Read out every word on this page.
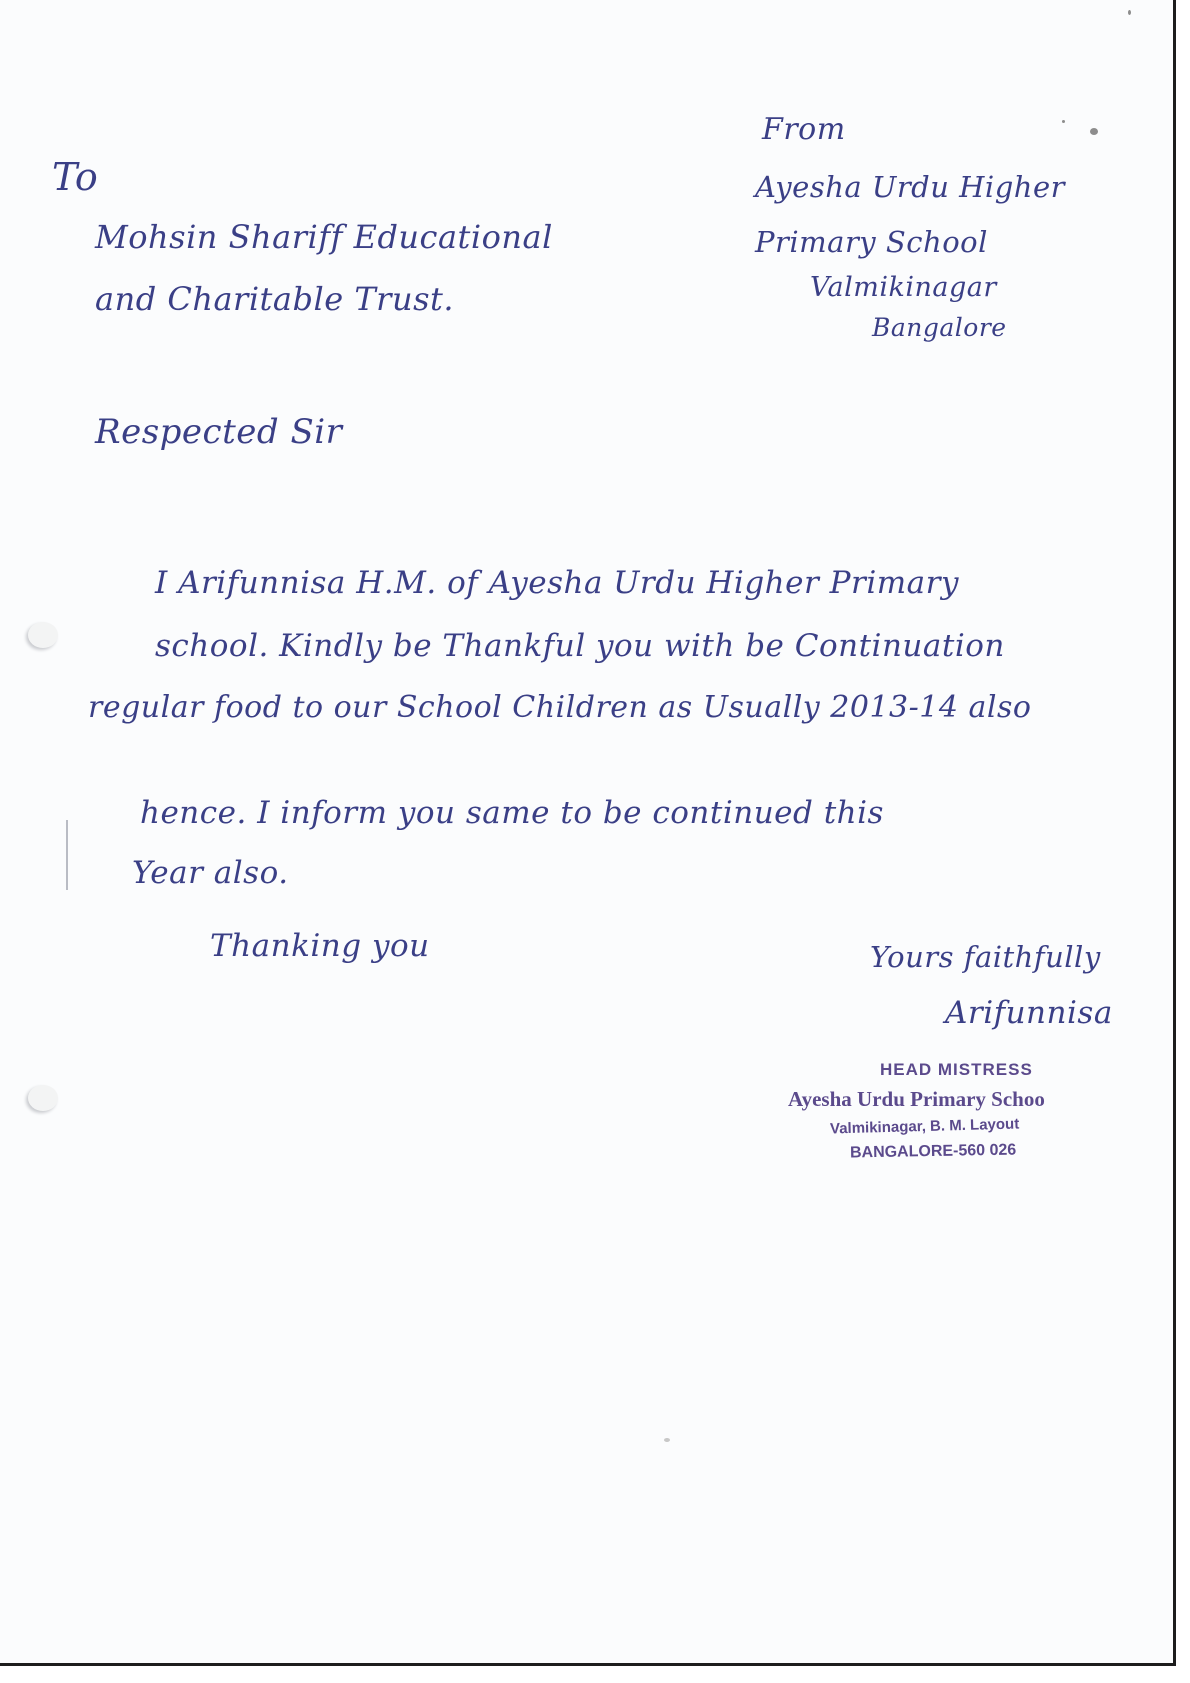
To
Mohsin Shariff Educational
and Charitable Trust.
From
Ayesha Urdu Higher
Primary School
Valmikinagar
Bangalore
Respected Sir
I Arifunnisa H.M. of Ayesha Urdu Higher Primary
school. Kindly be Thankful you with be Continuation
regular food to our School Children as Usually 2013-14 also
hence. I inform you same to be continued this
Year also.
Thanking you	Yours faithfully
Arifunnisa
HEAD MISTRESS
Ayesha Urdu Primary Schoo
Valmikinagar, B. M. Layout
BANGALORE-560 026
